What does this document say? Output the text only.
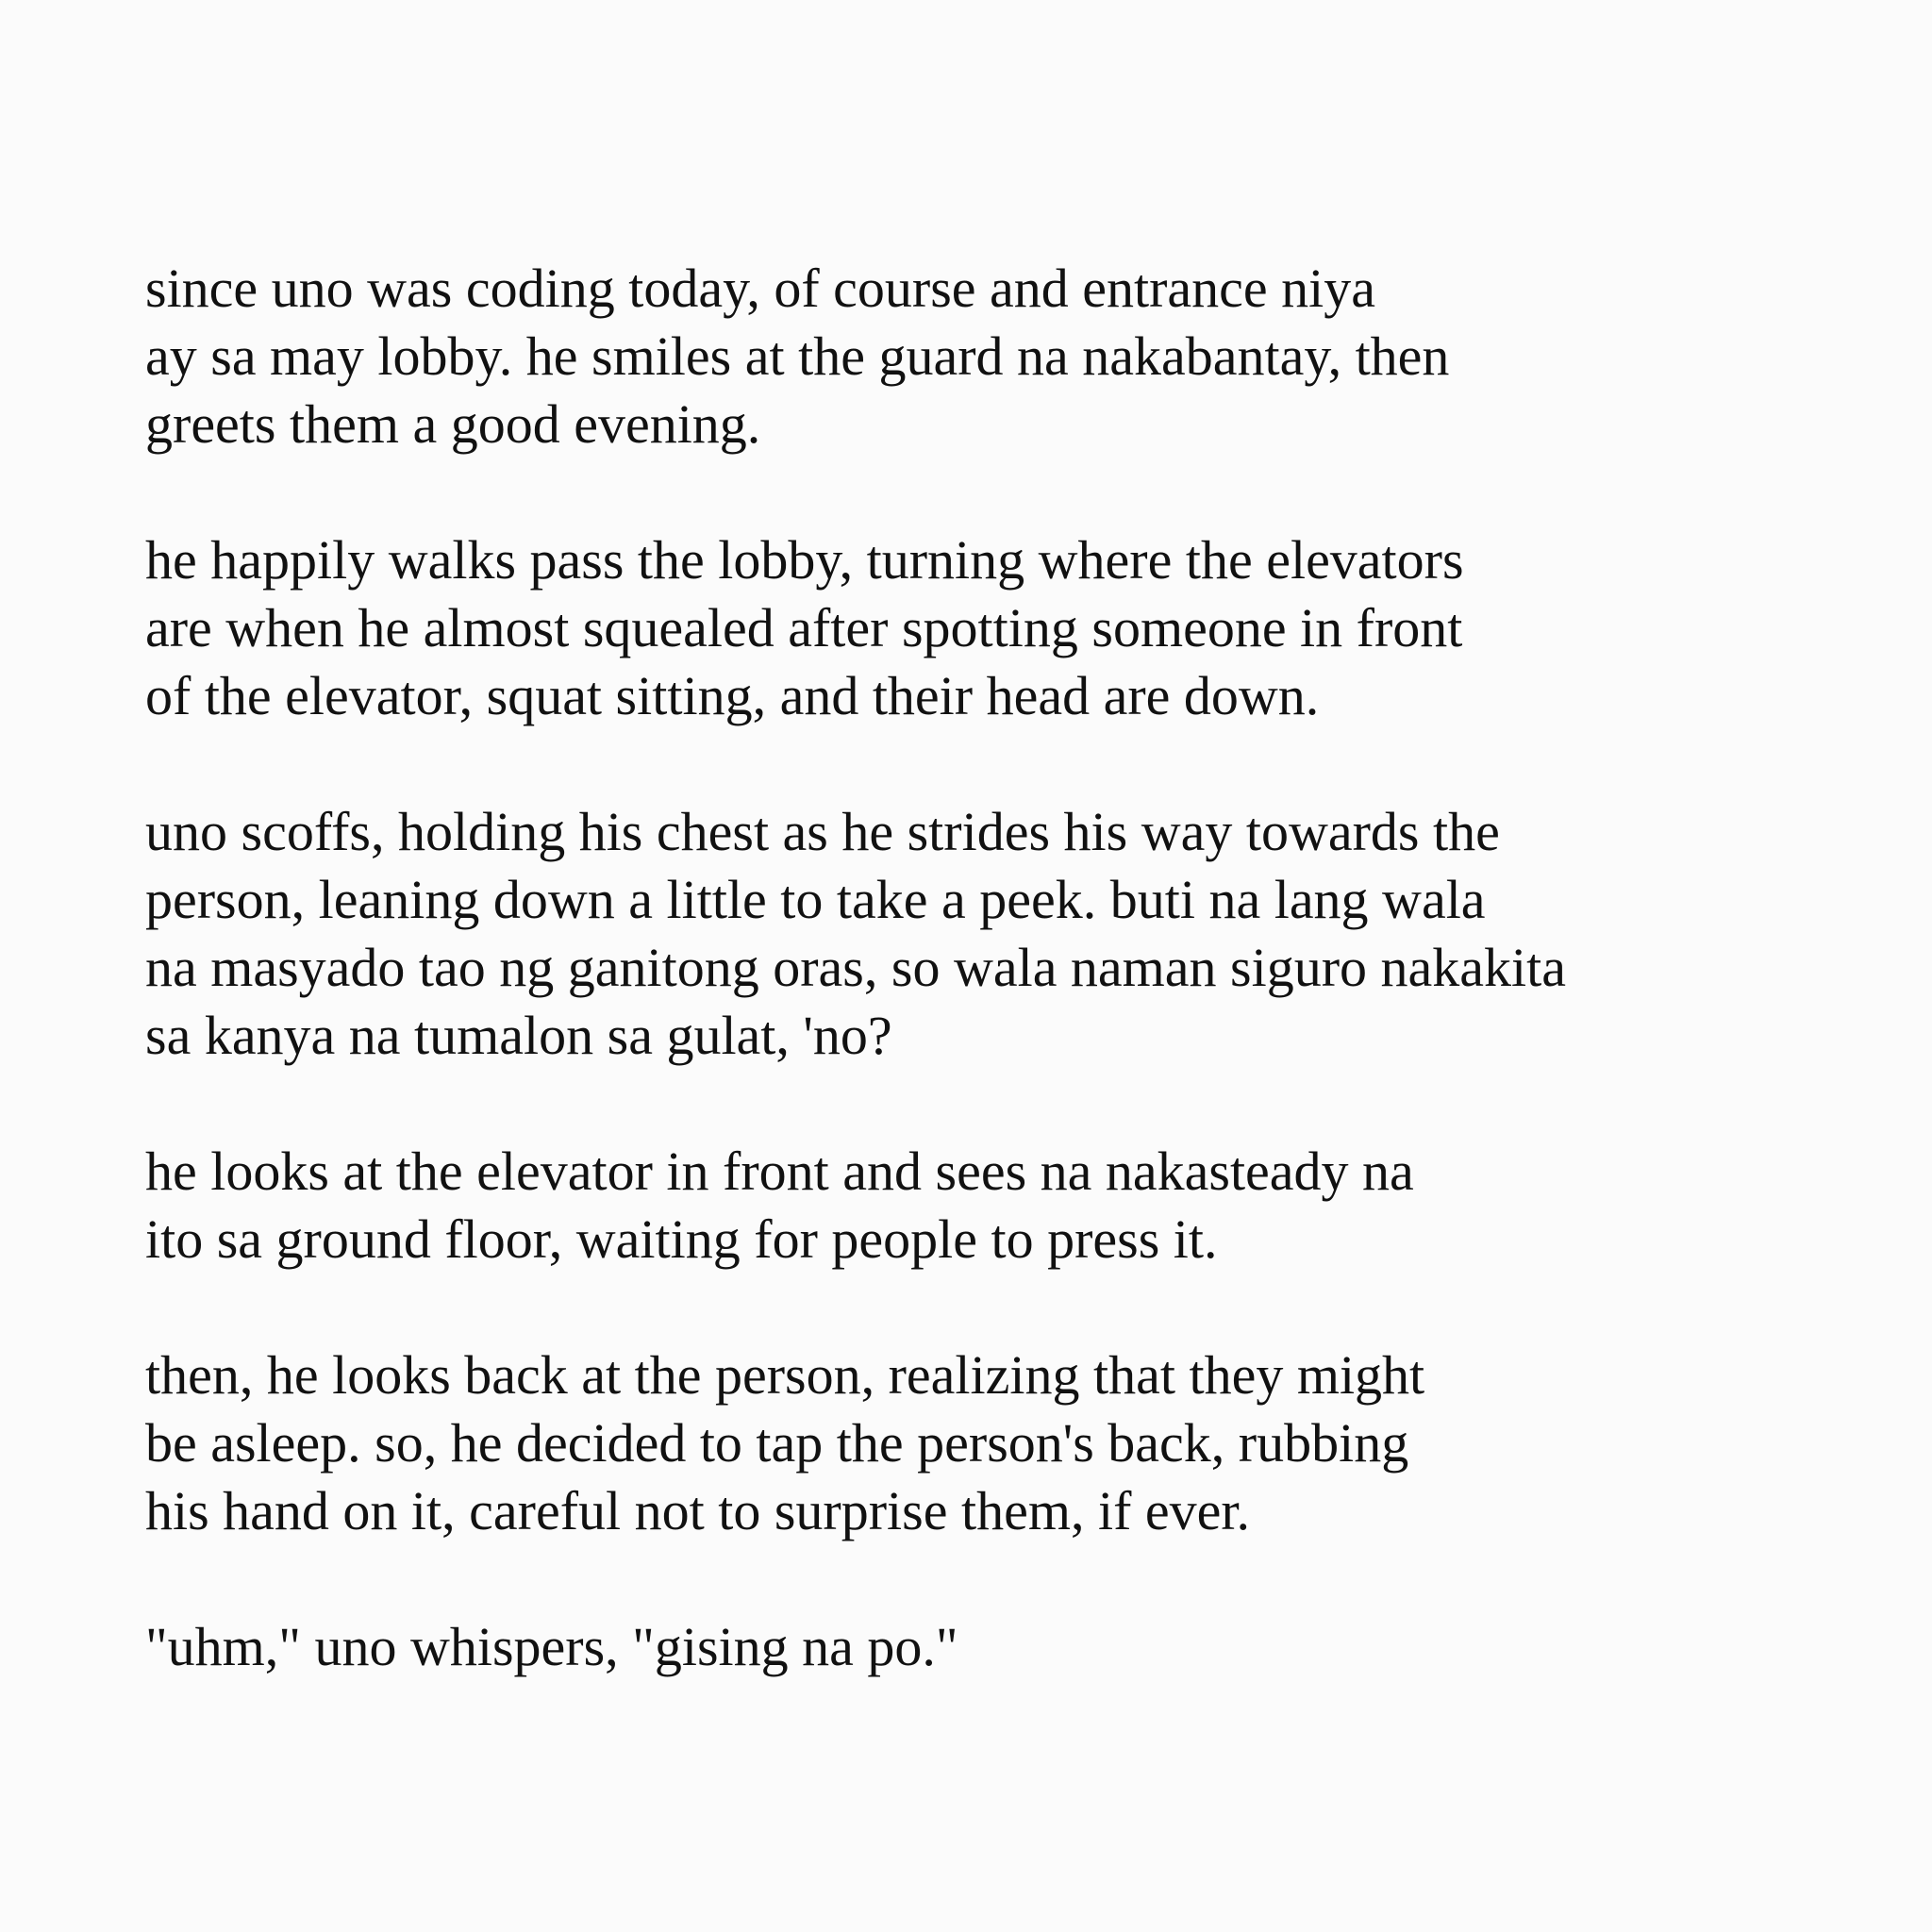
since uno was coding today, of course and entrance niya
ay sa may lobby. he smiles at the guard na nakabantay, then
greets them a good evening.

he happily walks pass the lobby, turning where the elevators
are when he almost squealed after spotting someone in front
of the elevator, squat sitting, and their head are down.

uno scoffs, holding his chest as he strides his way towards the
person, leaning down a little to take a peek. buti na lang wala
na masyado tao ng ganitong oras, so wala naman siguro nakakita
sa kanya na tumalon sa gulat, 'no?

he looks at the elevator in front and sees na nakasteady na
ito sa ground floor, waiting for people to press it.

then, he looks back at the person, realizing that they might
be asleep. so, he decided to tap the person's back, rubbing
his hand on it, careful not to surprise them, if ever.

"uhm," uno whispers, "gising na po."
